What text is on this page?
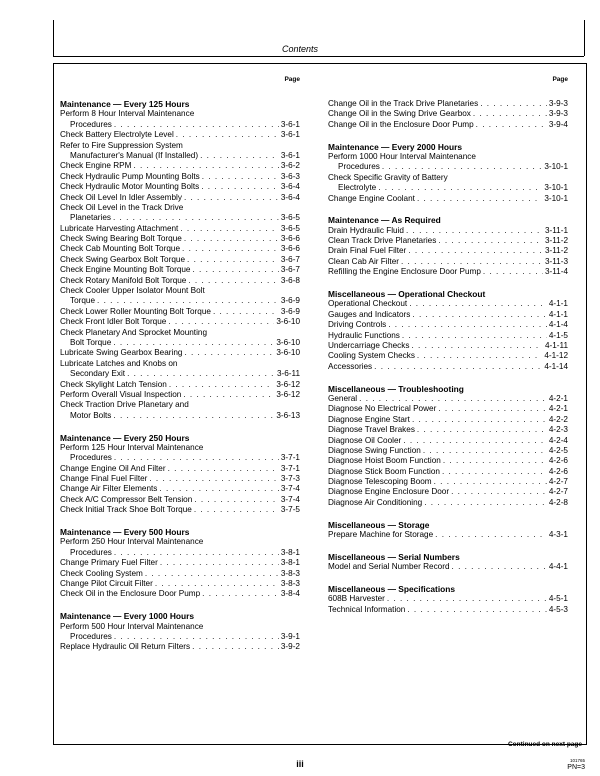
Contents
Page
Maintenance — Every 125 Hours
Perform 8 Hour Interval Maintenance
Procedures . . .	3-6-1
Check Battery Electrolyte Level . . .	3-6-1
Refer to Fire Suppression System
Manufacturer's Manual (If Installed) . . .	3-6-1
Check Engine RPM . . .	3-6-2
Check Hydraulic Pump Mounting Bolts . . .	3-6-3
Check Hydraulic Motor Mounting Bolts . . .	3-6-4
Check Oil Level In Idler Assembly . . .	3-6-4
Check Oil Level in the Track Drive
Planetaries . . .	3-6-5
Lubricate Harvesting Attachment . . .	3-6-5
Check Swing Bearing Bolt Torque . . .	3-6-6
Check Cab Mounting Bolt Torque . . .	3-6-6
Check Swing Gearbox Bolt Torque . . .	3-6-7
Check Engine Mounting Bolt Torque . . .	3-6-7
Check Rotary Manifold Bolt Torque . . .	3-6-8
Check Cooler Upper Isolator Mount Bolt
Torque . . .	3-6-9
Check Lower Roller Mounting Bolt Torque . . .	3-6-9
Check Front Idler Bolt Torque . . .	3-6-10
Check Planetary And Sprocket Mounting
Bolt Torque . . .	3-6-10
Lubricate Swing Gearbox Bearing . . .	3-6-10
Lubricate Latches and Knobs on
Secondary Exit . . .	3-6-11
Check Skylight Latch Tension . . .	3-6-12
Perform Overall Visual Inspection . . .	3-6-12
Check Traction Drive Planetary and
Motor Bolts . . .	3-6-13
Maintenance — Every 250 Hours
Perform 125 Hour Interval Maintenance
Procedures . . .	3-7-1
Change Engine Oil And Filter . . .	3-7-1
Change Final Fuel Filter . . .	3-7-3
Change Air Filter Elements . . .	3-7-4
Check A/C Compressor Belt Tension . . .	3-7-4
Check Initial Track Shoe Bolt Torque . . .	3-7-5
Maintenance — Every 500 Hours
Perform 250 Hour Interval Maintenance
Procedures . . .	3-8-1
Change Primary Fuel Filter . . .	3-8-1
Check Cooling System . . .	3-8-3
Change Pilot Circuit Filter . . .	3-8-3
Check Oil in the Enclosure Door Pump . . .	3-8-4
Maintenance — Every 1000 Hours
Perform 500 Hour Interval Maintenance
Procedures . . .	3-9-1
Replace Hydraulic Oil Return Filters . . .	3-9-2
Page
Change Oil in the Track Drive Planetaries . . .	3-9-3
Change Oil in the Swing Drive Gearbox . . .	3-9-3
Change Oil in the Enclosure Door Pump . . .	3-9-4
Maintenance — Every 2000 Hours
Perform 1000 Hour Interval Maintenance
Procedures . . .	3-10-1
Check Specific Gravity of Battery
Electrolyte . . .	3-10-1
Change Engine Coolant . . .	3-10-1
Maintenance — As Required
Drain Hydraulic Fluid . . .	3-11-1
Clean Track Drive Planetaries . . .	3-11-2
Drain Final Fuel Filter . . .	3-11-2
Clean Cab Air Filter . . .	3-11-3
Refilling the Engine Enclosure Door Pump . . .	3-11-4
Miscellaneous — Operational Checkout
Operational Checkout . . .	4-1-1
Gauges and Indicators . . .	4-1-1
Driving Controls . . .	4-1-4
Hydraulic Functions . . .	4-1-5
Undercarriage Checks . . .	4-1-11
Cooling System Checks . . .	4-1-12
Accessories . . .	4-1-14
Miscellaneous — Troubleshooting
General . . .	4-2-1
Diagnose No Electrical Power . . .	4-2-1
Diagnose Engine Start . . .	4-2-2
Diagnose Travel Brakes . . .	4-2-3
Diagnose Oil Cooler . . .	4-2-4
Diagnose Swing Function . . .	4-2-5
Diagnose Hoist Boom Function . . .	4-2-6
Diagnose Stick Boom Function . . .	4-2-6
Diagnose Telescoping Boom . . .	4-2-7
Diagnose Engine Enclosure Door . . .	4-2-7
Diagnose Air Conditioning . . .	4-2-8
Miscellaneous — Storage
Prepare Machine for Storage . . .	4-3-1
Miscellaneous — Serial Numbers
Model and Serial Number Record . . .	4-4-1
Miscellaneous — Specifications
608B Harvester . . .	4-5-1
Technical Information . . .	4-5-3
Continued on next page
iii	101765
PN=3
